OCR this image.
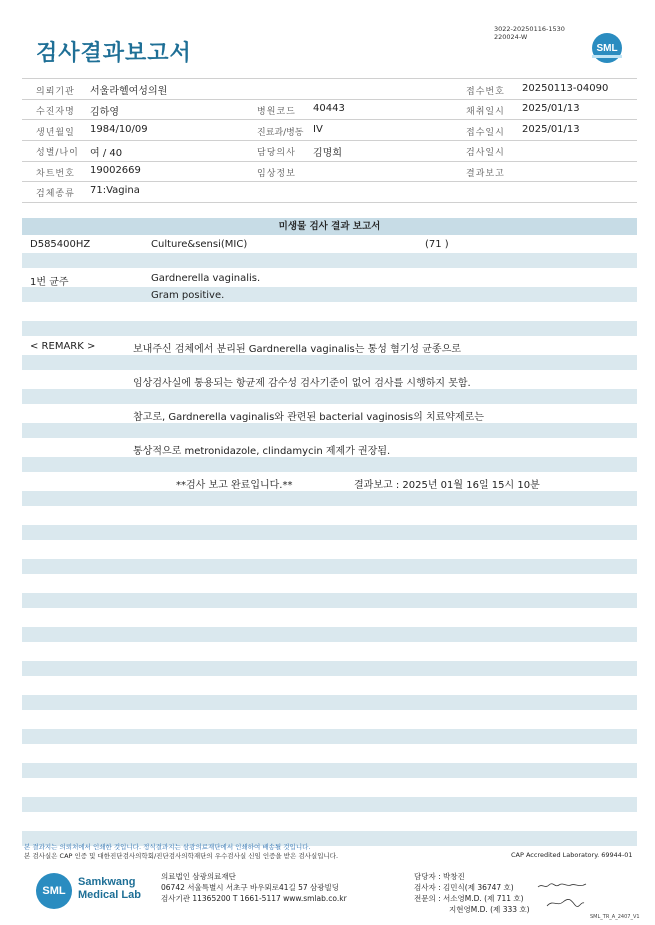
검사결과보고서
3022-20250116-1530
220024-W
SML
의뢰기관 서울라헬여성의원	접수번호 20250113-04090
수진자명 김하영	병원코드 40443	채취일시 2025/01/13
생년월일 1984/10/09	진료과/병동 IV	접수일시 2025/01/13
성별/나이 여 / 40	담당의사 김명희	검사일시
차트번호 19002669	임상정보	결과보고
검체종류 71:Vagina
미생물 검사 결과 보고서
D585400HZ	Culture&sensi(MIC)	(71 )
1번 균주	Gardnerella vaginalis.
Gram positive.
< REMARK >	보내주신 검체에서 분리된 Gardnerella vaginalis는 통성 혐기성 균종으로
임상검사실에 통용되는 항균제 감수성 검사기준이 없어 검사를 시행하지 못함.
참고로, Gardnerella vaginalis와 관련된 bacterial vaginosis의 치료약제로는
통상적으로 metronidazole, clindamycin 제제가 권장됨.
**검사 보고 완료입니다.**	결과보고 : 2025년 01월 16일 15시 10분
본 결과지는 의뢰처에서 인쇄한 것입니다. 정식결과지는 삼광의료재단에서 인쇄하여 배송될 것입니다.
본 검사실은 CAP 인증 및 대한진단검사의학회/진단검사의학재단의 우수검사실 신임 인증을 받은 검사실입니다.	CAP Accredited Laboratory. 69944-01
SML
Samkwang
Medical Lab
의료법인 삼광의료재단
06742 서울특별시 서초구 바우뫼로41길 57 삼광빌딩
검사기관 11365200 T 1661-5117 www.smlab.co.kr
담당자 : 박창진
검사자 : 김민식(제 36747 호)
전문의 : 서소영M.D. (제 711 호)
지현영M.D. (제 333 호)
SML_TR_A_2407_V1
